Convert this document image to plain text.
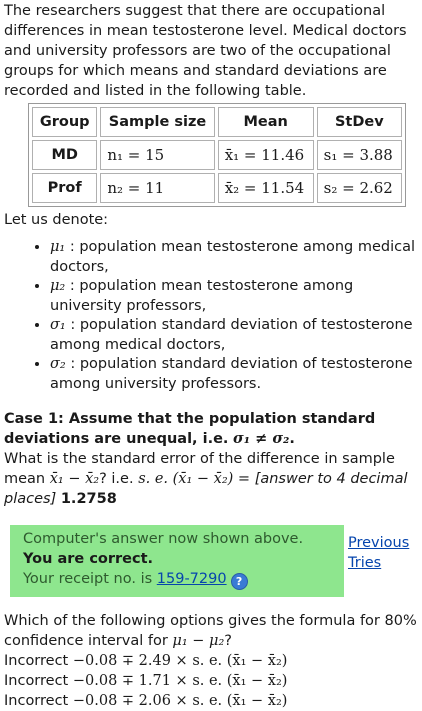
The researchers suggest that there are occupational differences in mean testosterone level. Medical doctors and university professors are two of the occupational groups for which means and standard deviations are recorded and listed in the following table.

Group	Sample size	Mean	StDev
MD	n₁ = 15	x̄₁ = 11.46	s₁ = 3.88
Prof	n₂ = 11	x̄₂ = 11.54	s₂ = 2.62

Let us denote:

• μ₁ : population mean testosterone among medical doctors,
• μ₂ : population mean testosterone among university professors,
• σ₁ : population standard deviation of testosterone among medical doctors,
• σ₂ : population standard deviation of testosterone among university professors.
Case 1: Assume that the population standard deviations are unequal, i.e. σ₁ ≠ σ₂.
What is the standard error of the difference in sample mean x̄₁ − x̄₂? i.e. s. e. (x̄₁ − x̄₂) = [answer to 4 decimal places] 1.2758
Computer's answer now shown above.
You are correct.
Your receipt no. is 159-7290 ?
Previous Tries

Which of the following options gives the formula for 80% confidence interval for μ₁ − μ₂?

Incorrect −0.08 ∓ 2.49 × s. e. (x̄₁ − x̄₂)
Incorrect −0.08 ∓ 1.71 × s. e. (x̄₁ − x̄₂)
Incorrect −0.08 ∓ 2.06 × s. e. (x̄₁ − x̄₂)
